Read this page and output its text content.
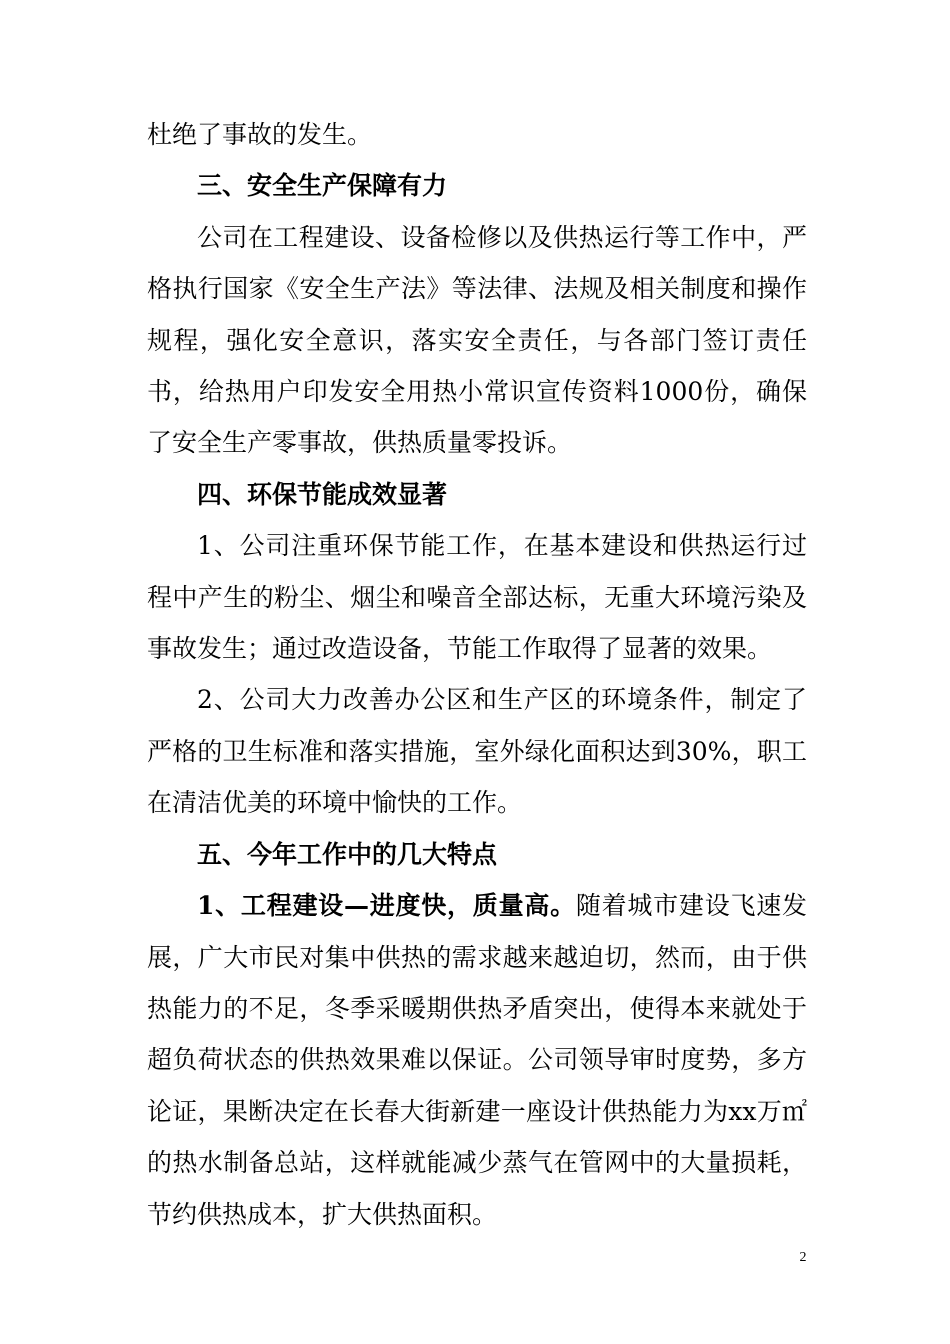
杜绝了事故的发生。

三、安全生产保障有力

公司在工程建设、设备检修以及供热运行等工作中，严格执行国家《安全生产法》等法律、法规及相关制度和操作规程，强化安全意识，落实安全责任，与各部门签订责任书，给热用户印发安全用热小常识宣传资料1000份，确保了安全生产零事故，供热质量零投诉。

四、环保节能成效显著

1、公司注重环保节能工作，在基本建设和供热运行过程中产生的粉尘、烟尘和噪音全部达标，无重大环境污染及事故发生；通过改造设备，节能工作取得了显著的效果。

2、公司大力改善办公区和生产区的环境条件，制定了严格的卫生标准和落实措施，室外绿化面积达到30%，职工在清洁优美的环境中愉快的工作。

五、今年工作中的几大特点

1、工程建设—进度快，质量高。随着城市建设飞速发展，广大市民对集中供热的需求越来越迫切，然而，由于供热能力的不足，冬季采暖期供热矛盾突出，使得本来就处于超负荷状态的供热效果难以保证。公司领导审时度势，多方论证，果断决定在长春大街新建一座设计供热能力为xx万㎡的热水制备总站，这样就能减少蒸气在管网中的大量损耗，节约供热成本，扩大供热面积。

2
